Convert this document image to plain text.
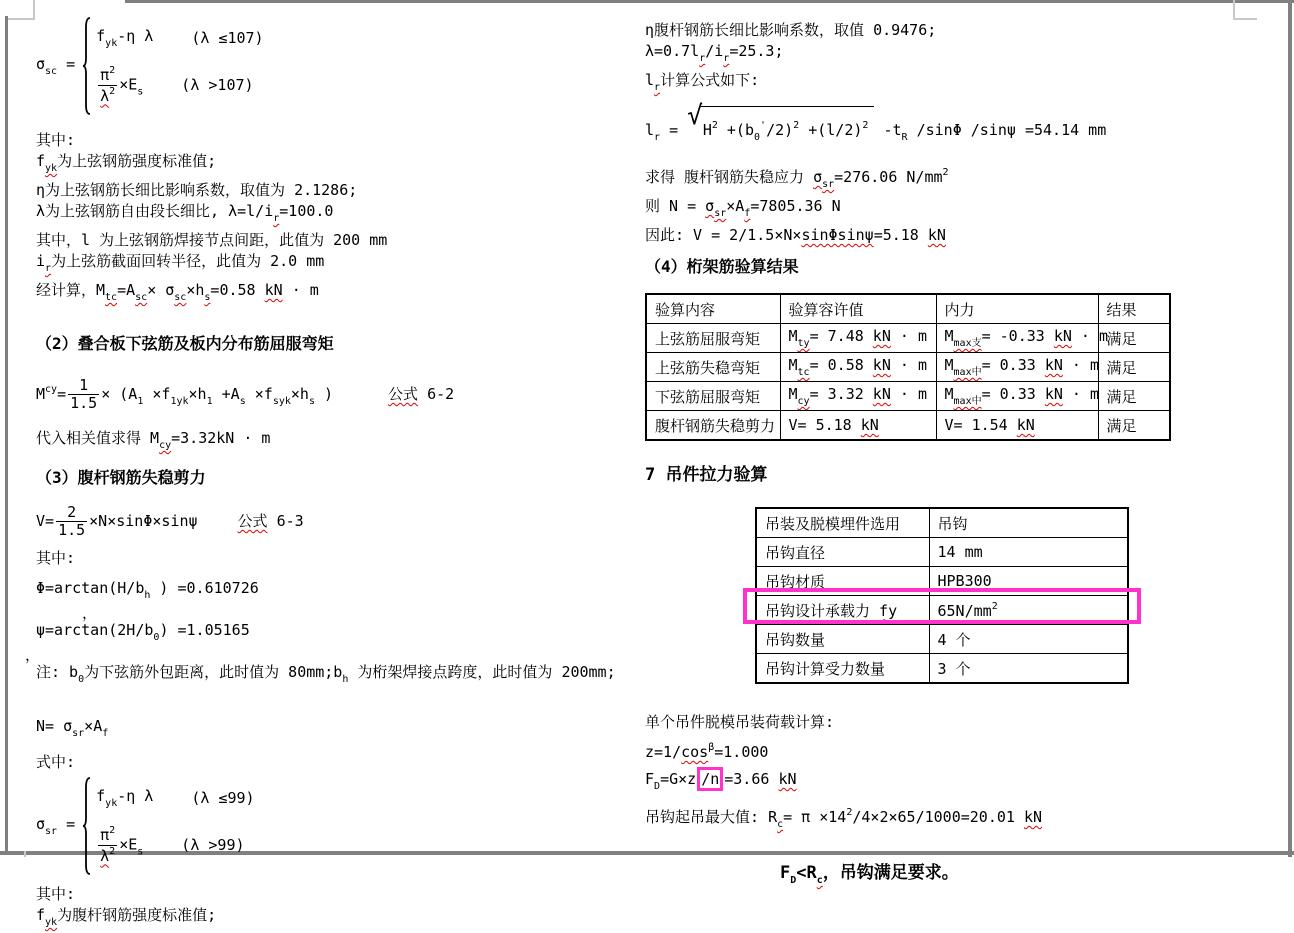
$\sigma_{sc}$ =
$f_{yk}-\eta$ λ	(λ ≤107)
$\frac{\pi^2}{\lambda^2} \times E_s$	(λ >107)
其中:
$f_{yk}$为上弦钢筋强度标准值;
η为上弦钢筋长细比影响系数，取值为 2.1286;
λ为上弦钢筋自由段长细比, $\lambda=l/i_r=100.0$
其中，l 为上弦钢筋焊接节点间距，此值为 200 mm
$i_r$为上弦筋截面回转半径，此值为 2.0 mm
经计算，$M_{tc}=A_{sc}\times \sigma_{sc}\times h_s=0.58$ kN · m
（2）叠合板下弦筋及板内分布筋屈服弯矩
$M^{cy}= \frac{1}{1.5} \times (A_1 \times f_{1yk}\times h_1 +A_s \times f_{syk}\times h_s$ )	公式 6-2
代入相关值求得 $M_{cy}=3.32kN \cdot m$
（3）腹杆钢筋失稳剪力
$V= \frac{2}{1.5} \times N\times\sin\Phi\times\sin\psi$	公式 6-3
其中:
$\Phi=\arctan(H/b_h$ ) =0.610726
，
$\psi=\arctan(2H/b_0) =1.05165$
，
注: $b_0$为下弦筋外包距离，此时值为 $80mm;b_h$ 为桁架焊接点跨度，此时值为 200mm;
$N= \sigma_{sr}\times A_f$
式中:
$\sigma_{sr}$ =
$f_{yk}-\eta$ λ	(λ ≤99)
$\frac{\pi^2}{\lambda^2} \times E_s$	(λ >99)
其中:
$f_{yk}$为腹杆钢筋强度标准值;
η腹杆钢筋长细比影响系数，取值 0.9476;
$\lambda=0.7l_r/i_r=25.3$;
$l_r$计算公式如下:
$l_r$ = √ $H^2 +(b_0'/2)^2 +(l/2)^2$ $-t_R$ /sinΦ /sinψ =54.14 mm
求得 腹杆钢筋失稳应力 $\sigma_{sr}=276.06$ $N/mm^2$
则 $N = \sigma_{sr}\times A_f=7805.36$ N
因此: V = 2/1.5×N×sinΦsinψ=5.18 kN
（4）桁架筋验算结果
验算内容	验算容许值	内力	结果
上弦筋屈服弯矩	$M_{ty}= 7.48$ kN · m	$M_{max支}= -0.33$ kN · m	满足
上弦筋失稳弯矩	$M_{tc}= 0.58$ kN · m	$M_{max中}= 0.33$ kN · m	满足
下弦筋屈服弯矩	$M_{cy}= 3.32$ kN · m	$M_{max中}= 0.33$ kN · m	满足
腹杆钢筋失稳剪力	V= 5.18 kN	V= 1.54 kN	满足
7 吊件拉力验算
吊装及脱模埋件选用	吊钩
吊钩直径	14 mm
吊钩材质	HPB300
吊钩设计承载力 fy	$65N/mm^2$
吊钩数量	4 个
吊钩计算受力数量	3 个
单个吊件脱模吊装荷载计算:
$z=1/\cos^\beta=1.000$
$F_D=G\times z$ /n =3.66 kN
吊钩起吊最大值: $R_c= \pi \times 14^2/4\times 2\times 65/1000=20.01$ kN
$F_D<R_c$，吊钩满足要求。
